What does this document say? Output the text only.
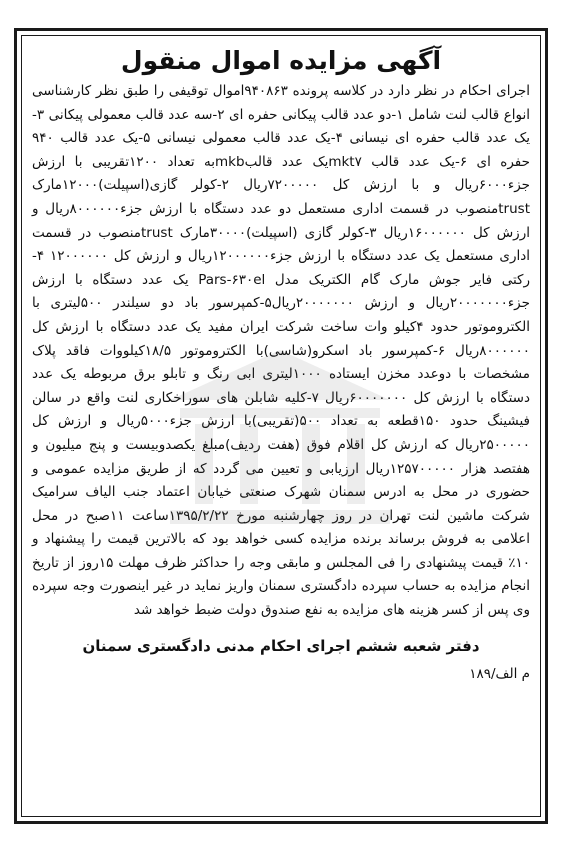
آگهی مزایده اموال منقول
اجرای احکام در نظر دارد در کلاسه پرونده ۹۴۰۸۶۳اموال توقیفی را طبق نظر کارشناسی انواع قالب لنت شامل ۱-دو عدد قالب پیکانی حفره ای ۲-سه عدد قالب معمولی پیکانی ۳-یک عدد قالب حفره ای نیسانی ۴-یک عدد قالب معمولی نیسانی ۵-یک عدد قالب ۹۴۰ حفره ای ۶-یک عدد قالب mkt۷یک عدد قالبmkbبه تعداد ۱۲۰۰تقریبی با ارزش جزء۶۰۰۰ریال و با ارزش کل ۷۲۰۰۰۰۰ریال ۲-کولر گازی(اسپیلت)۱۲۰۰۰مارک trustمنصوب در قسمت اداری مستعمل دو عدد دستگاه با ارزش جزء۸۰۰۰۰۰۰ریال و ارزش کل ۱۶۰۰۰۰۰۰ریال ۳-کولر گازی (اسپیلت)۳۰۰۰۰مارک trustمنصوب در قسمت اداری مستعمل یک عدد دستگاه با ارزش جزء۱۲۰۰۰۰۰۰ریال و ارزش کل ۱۲۰۰۰۰۰۰ ۴-رکتی فایر جوش مارک گام الکتریک مدل Pars-۶۳۰el یک عدد دستگاه با ارزش جزء۲۰۰۰۰۰۰۰ریال و ارزش ۲۰۰۰۰۰۰۰ریال۵-کمپرسور باد دو سیلندر ۵۰۰لیتری با الکتروموتور حدود ۴کیلو وات ساخت شرکت ایران مفید یک عدد دستگاه با ارزش کل ۸۰۰۰۰۰۰ریال ۶-کمپرسور باد اسکرو(شاسی)با الکتروموتور ۱۸/۵کیلووات فاقد پلاک مشخصات با دوعدد مخزن ایستاده ۱۰۰۰لیتری ابی رنگ و تابلو برق مربوطه یک عدد دستگاه با ارزش کل ۶۰۰۰۰۰۰۰ریال ۷-کلیه شابلن های سوراخکاری لنت واقع در سالن فیشینگ حدود ۱۵۰قطعه به تعداد ۵۰۰(تقریبی)با ارزش جزء۵۰۰۰ریال و ارزش کل ۲۵۰۰۰۰۰ریال که ارزش کل اقلام فوق (هفت ردیف)مبلغ یکصدوبیست و پنج میلیون و هفتصد هزار ۱۲۵۷۰۰۰۰۰ریال ارزیابی و تعیین می گردد که از طریق مزایده عمومی و حضوری در محل به ادرس سمنان شهرک صنعتی خیابان اعتماد جنب الیاف سرامیک شرکت ماشین لنت تهران در روز چهارشنبه مورخ ۱۳۹۵/۲/۲۲ساعت ۱۱صبح در محل اعلامی به فروش برساند برنده مزایده کسی خواهد بود که بالاترین قیمت را پیشنهاد و ۱۰٪ قیمت پیشنهادی را فی المجلس و مابقی وجه را حداکثر ظرف مهلت ۱۵روز از تاریخ انجام مزایده به حساب سپرده دادگستری سمنان واریز نماید در غیر اینصورت وجه سپرده وی پس از کسر هزینه های مزایده به نفع صندوق دولت ضبط خواهد شد
دفتر شعبه ششم اجرای احکام مدنی دادگستری سمنان
م الف/۱۸۹
